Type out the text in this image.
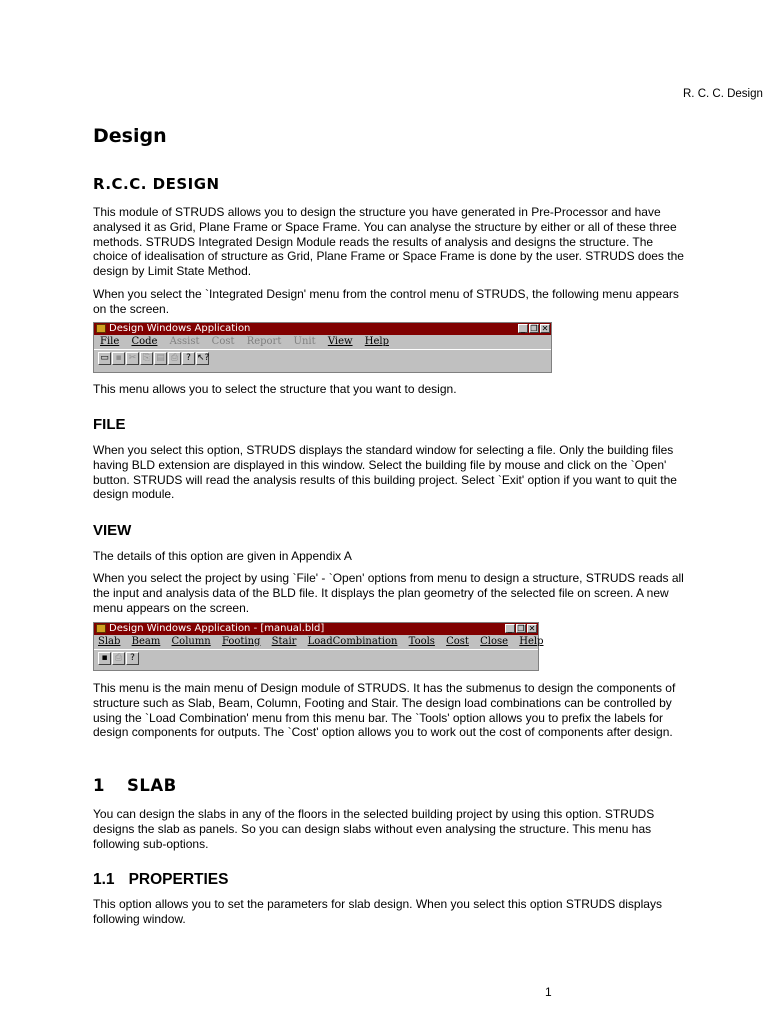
R. C. C. Design
Design
R.C.C. DESIGN

This module of STRUDS allows you to design the structure you have generated in Pre-Processor and have analysed it as Grid, Plane Frame or Space Frame. You can analyse the structure by either or all of these three methods. STRUDS Integrated Design Module reads the results of analysis and designs the structure. The choice of idealisation of structure as Grid, Plane Frame or Space Frame is done by the user. STRUDS does the design by Limit State Method.

When you select the `Integrated Design' menu from the control menu of STRUDS, the following menu appears on the screen.

Design Windows Application	_ ❐ ✕
File Code Assist Cost Report Unit View Help
▭ ▪ ✂ ⎘ ▤ ⎙ ? ↖?

This menu allows you to select the structure that you want to design.

FILE

When you select this option, STRUDS displays the standard window for selecting a file. Only the building files having BLD extension are displayed in this window. Select the building file by mouse and click on the `Open' button. STRUDS will read the analysis results of this building project. Select `Exit' option if you want to quit the design module.

VIEW

The details of this option are given in Appendix A

When you select the project by using `File' - `Open' options from menu to design a structure, STRUDS reads all the input and analysis data of the BLD file. It displays the plan geometry of the selected file on screen. A new menu appears on the screen.

Design Windows Application - [manual.bld]	_ ❐ ✕
Slab Beam Column Footing Stair LoadCombination Tools Cost Close Help
▪ ⎙ ?

This menu is the main menu of Design module of STRUDS. It has the submenus to design the components of structure such as Slab, Beam, Column, Footing and Stair. The design load combinations can be controlled by using the `Load Combination' menu from this menu bar. The `Tools' option allows you to prefix the labels for design components for outputs. The `Cost' option allows you to work out the cost of components after design.

1 SLAB

You can design the slabs in any of the floors in the selected building project by using this option. STRUDS designs the slab as panels. So you can design slabs without even analysing the structure. This menu has following sub-options.

1.1 PROPERTIES

This option allows you to set the parameters for slab design. When you select this option STRUDS displays following window.

1
